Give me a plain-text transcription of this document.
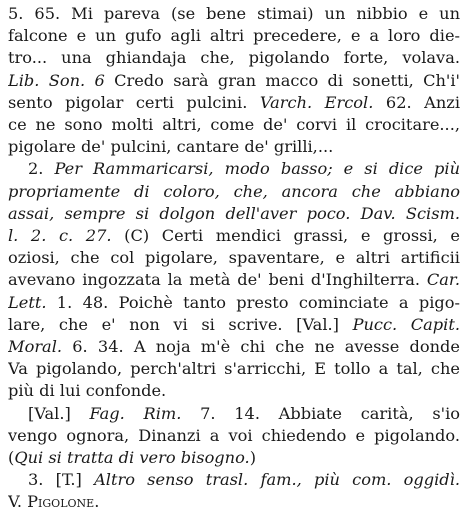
5. 65. Mi pareva (se bene stimai) un nibbio e un
falcone e un gufo agli altri precedere, e a loro die-
tro... una ghiandaja che, pigolando forte, volava.
Lib. Son. 6 Credo sarà gran macco di sonetti, Ch'i'
sento pigolar certi pulcini. Varch. Ercol. 62. Anzi
ce ne sono molti altri, come de' corvi il crocitare...,
pigolare de' pulcini, cantare de' grilli,...
2. Per Rammaricarsi, modo basso; e si dice più
propriamente di coloro, che, ancora che abbiano
assai, sempre si dolgon dell'aver poco. Dav. Scism.
l. 2. c. 27. (C) Certi mendici grassi, e grossi, e
oziosi, che col pigolare, spaventare, e altri artificii
avevano ingozzata la metà de' beni d'Inghilterra. Car.
Lett. 1. 48. Poichè tanto presto cominciate a pigo-
lare, che e' non vi si scrive. [Val.] Pucc. Capit.
Moral. 6. 34. A noja m'è chi che ne avesse donde
Va pigolando, perch'altri s'arricchi, E tollo a tal, che
più di lui confonde.
[Val.] Fag. Rim. 7. 14. Abbiate carità, s'io
vengo ognora, Dinanzi a voi chiedendo e pigolando.
(Qui si tratta di vero bisogno.)
3. [T.] Altro senso trasl. fam., più com. oggidì.
V. Pigolone.
